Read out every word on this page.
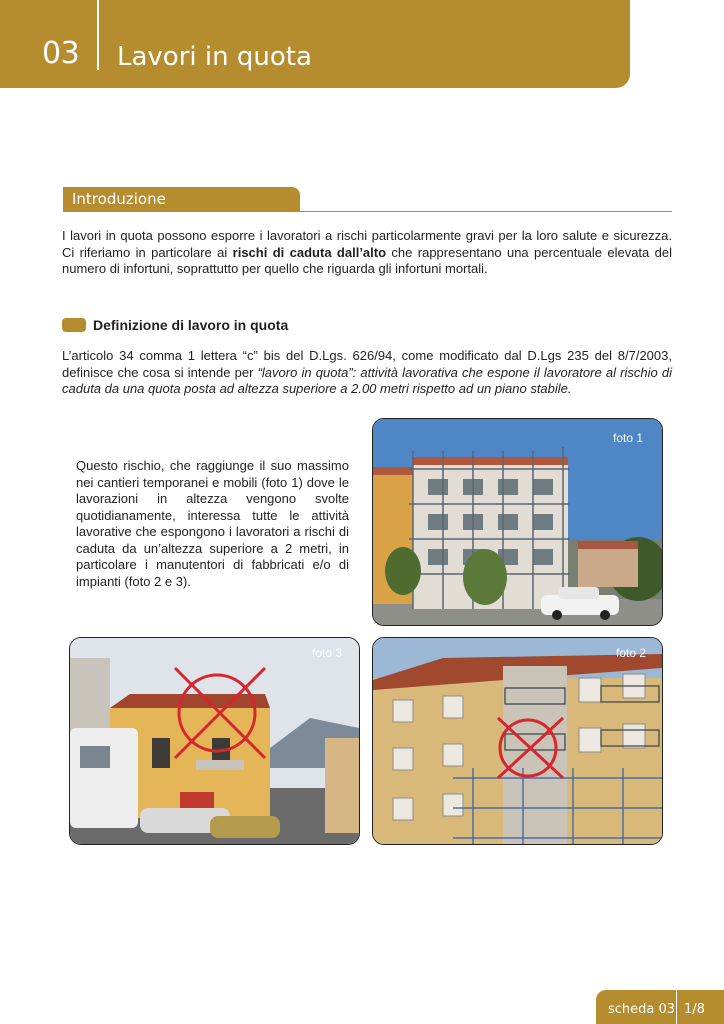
03 Lavori in quota
Introduzione
I lavori in quota possono esporre i lavoratori a rischi particolarmente gravi per la loro salute e sicurezza. Ci riferiamo in particolare ai rischi di caduta dall’alto che rappresentano una percentuale elevata del numero di infortuni, soprattutto per quello che riguarda gli infortuni mortali.
Definizione di lavoro in quota
L’articolo 34 comma 1 lettera “c” bis del D.Lgs. 626/94, come modificato dal D.Lgs 235 del 8/7/2003, definisce che cosa si intende per “lavoro in quota”: attività lavorativa che espone il lavoratore al rischio di caduta da una quota posta ad altezza superiore a 2.00 metri rispetto ad un piano stabile.
Questo rischio, che raggiunge il suo massimo nei cantieri temporanei e mobili (foto 1) dove le lavorazioni in altezza vengono svolte quotidianamente, interessa tutte le attività lavorative che espongono i lavoratori a rischi di caduta da un’altezza superiore a 2 metri, in particolare i manutentori di fabbricati e/o di impianti (foto 2 e 3).
foto 1
foto 3	foto 2
scheda 03 1/8
